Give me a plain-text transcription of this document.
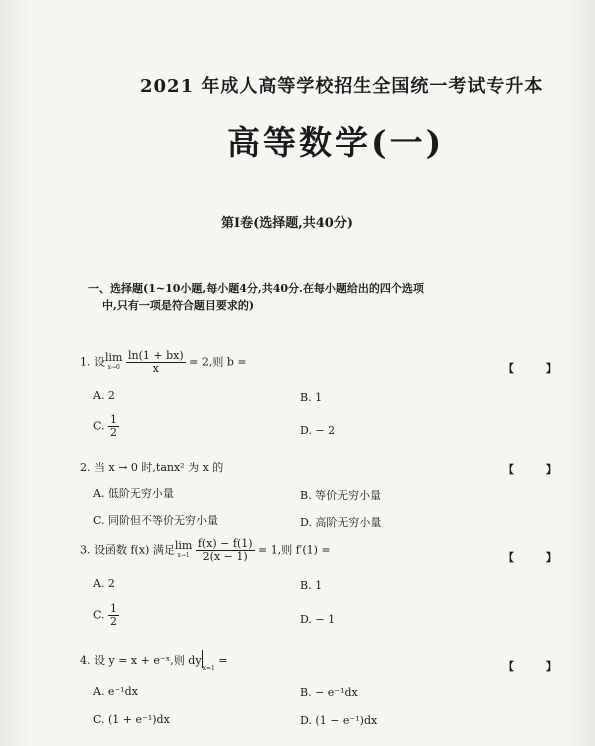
2021 年成人高等学校招生全国统一考试专升本
高等数学(一)
第Ⅰ卷(选择题,共40分)
一、选择题(1~10小题,每小题4分,共40分.在每小题给出的四个选项
中,只有一项是符合题目要求的)
1. 设lim
x→0
$\frac{\ln(1 + bx)}{x} = 2$,则 b =	【 】
A. 2	B. 1
C. $\frac{1}{2}$	D. − 2
2. 当 x → 0 时,tanx² 为 x 的	【 】
A. 低阶无穷小量	B. 等价无穷小量
C. 同阶但不等价无穷小量	D. 高阶无穷小量
3. 设函数 f(x) 满足lim
x→1
$\frac{f(x) - f(1)}{2(x - 1)} = 1$,则 f′(1) =
【 】
A. 2	B. 1
C. $\frac{1}{2}$	D. − 1
4. 设 y = x + e⁻ˣ,则 $dy_{x=1}$ =	【 】
A. e⁻¹dx	B. − e⁻¹dx
C. (1 + e⁻¹)dx	D. (1 − e⁻¹)dx
